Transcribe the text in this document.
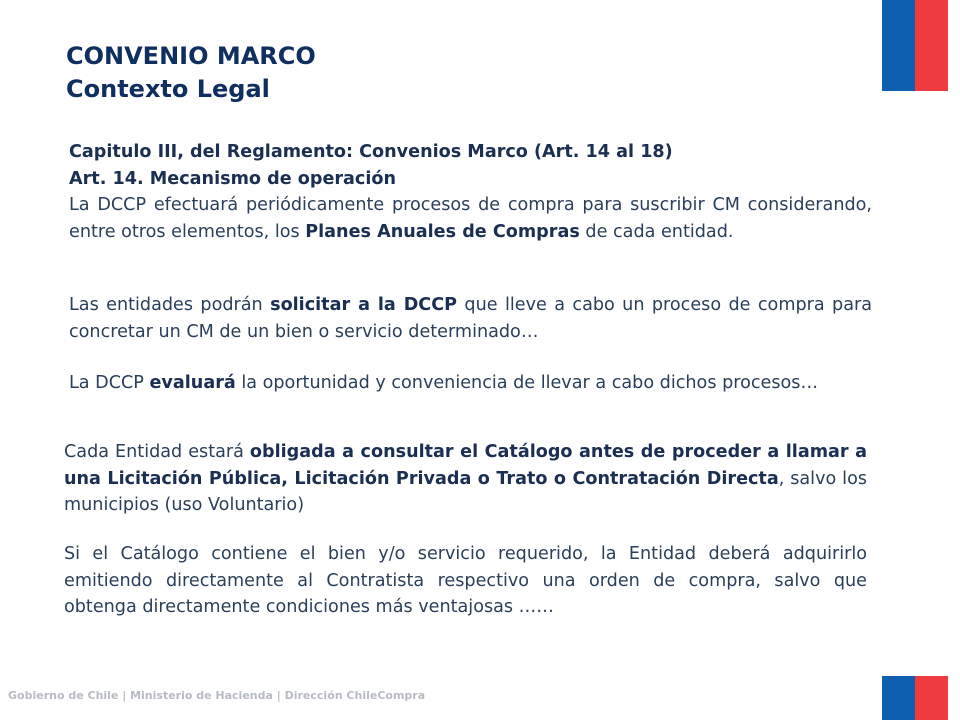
CONVENIO MARCO
Contexto Legal
Capitulo III, del Reglamento: Convenios Marco (Art. 14 al 18)
Art. 14. Mecanismo de operación

La DCCP efectuará periódicamente procesos de compra para suscribir CM considerando, entre otros elementos, los Planes Anuales de Compras de cada entidad.

Las entidades podrán solicitar a la DCCP que lleve a cabo un proceso de compra para concretar un CM de un bien o servicio determinado…

La DCCP evaluará la oportunidad y conveniencia de llevar a cabo dichos procesos…

Cada Entidad estará obligada a consultar el Catálogo antes de proceder a llamar a una Licitación Pública, Licitación Privada o Trato o Contratación Directa, salvo los municipios (uso Voluntario)

Si el Catálogo contiene el bien y/o servicio requerido, la Entidad deberá adquirirlo emitiendo directamente al Contratista respectivo una orden de compra, salvo que obtenga directamente condiciones más ventajosas ……

Gobierno de Chile | Ministerio de Hacienda | Dirección ChileCompra
